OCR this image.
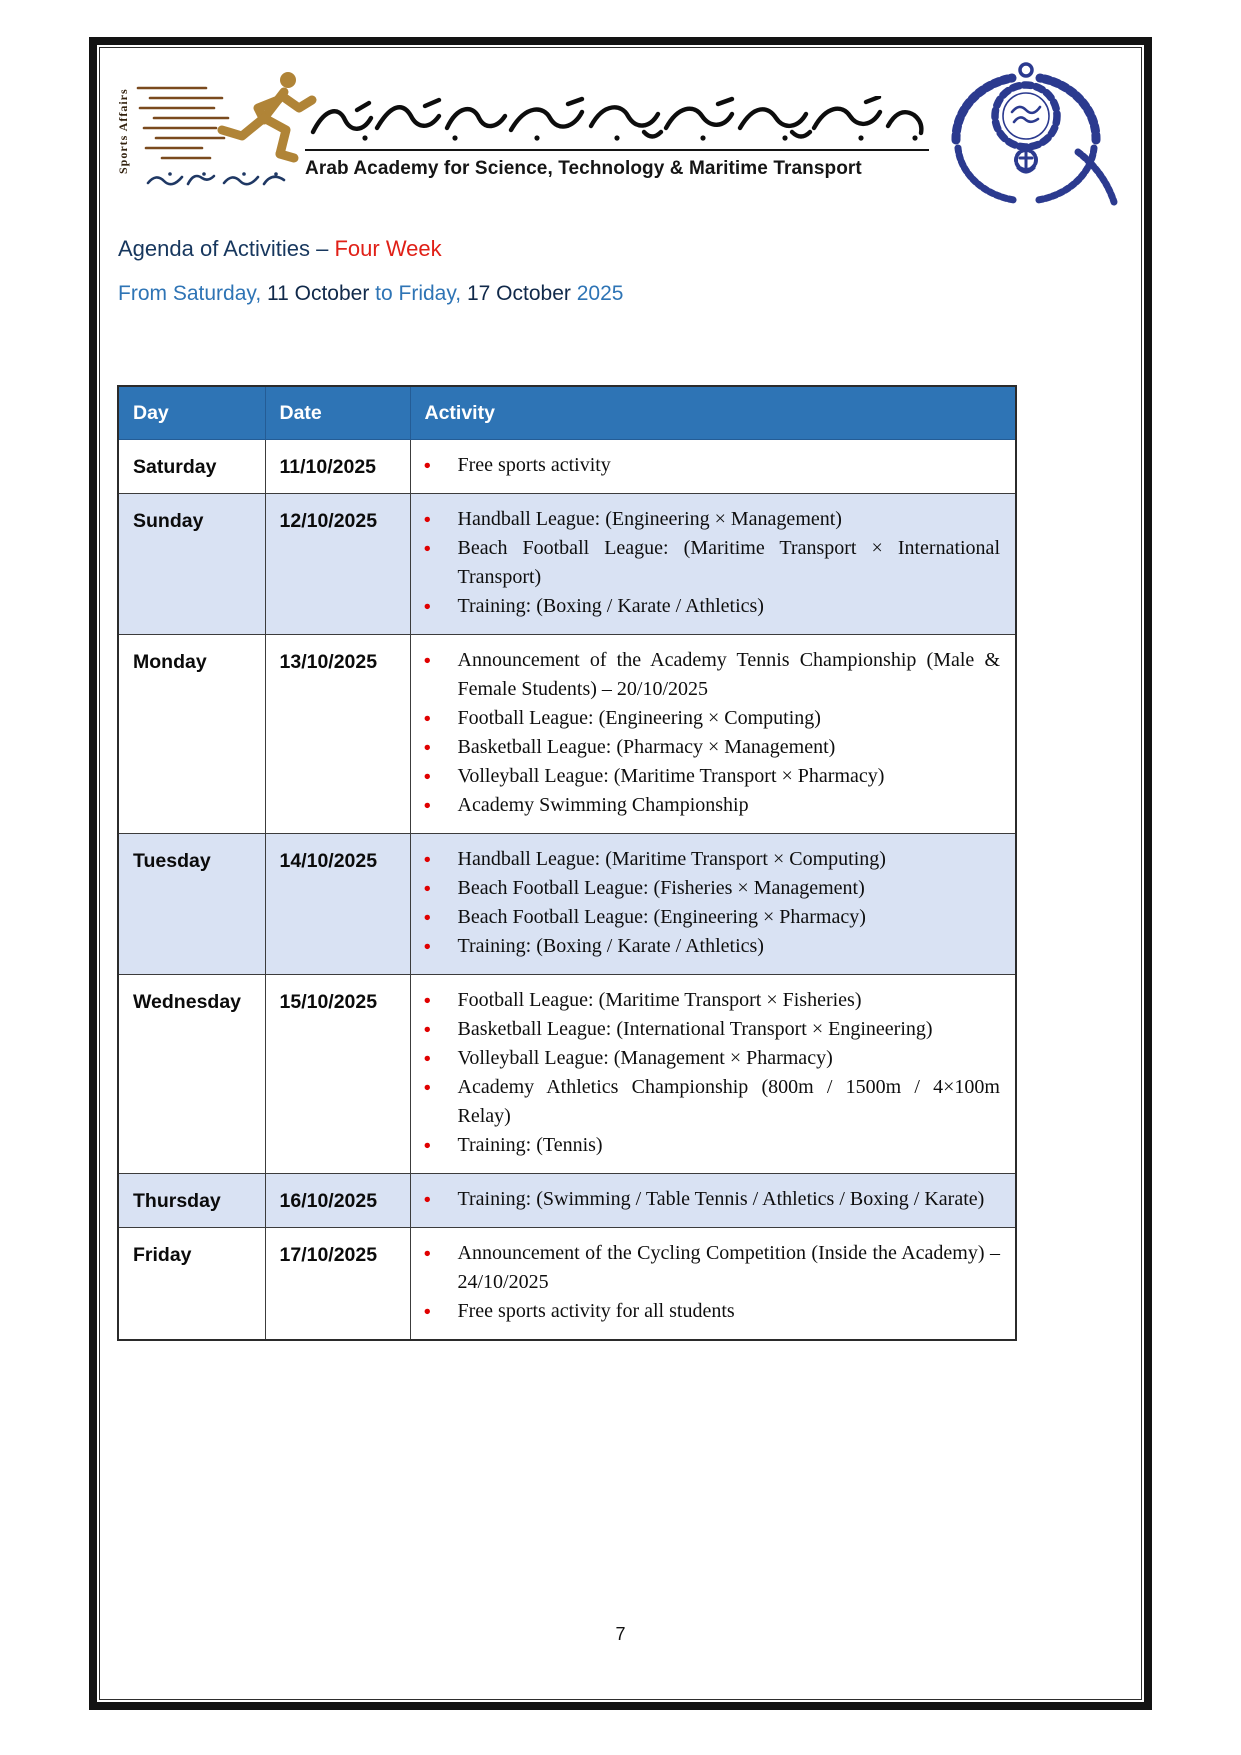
Sports Affairs	Arab Academy for Science, Technology & Maritime Transport
Agenda of Activities – Four Week
From Saturday, 11 October to Friday, 17 October 2025
Day	Date	Activity
Saturday	11/10/2025	● Free sports activity

Sunday	12/10/2025	● Handball League: (Engineering × Management)
● Beach Football League: (Maritime Transport × International Transport)
● Training: (Boxing / Karate / Athletics)

Monday	13/10/2025	● Announcement of the Academy Tennis Championship (Male & Female Students) – 20/10/2025
● Football League: (Engineering × Computing)
● Basketball League: (Pharmacy × Management)
● Volleyball League: (Maritime Transport × Pharmacy)
● Academy Swimming Championship

Tuesday	14/10/2025	● Handball League: (Maritime Transport × Computing)
● Beach Football League: (Fisheries × Management)
● Beach Football League: (Engineering × Pharmacy)
● Training: (Boxing / Karate / Athletics)

Wednesday	15/10/2025	● Football League: (Maritime Transport × Fisheries)
● Basketball League: (International Transport × Engineering)
● Volleyball League: (Management × Pharmacy)
● Academy Athletics Championship (800m / 1500m / 4×100m Relay)
● Training: (Tennis)

Thursday	16/10/2025	● Training: (Swimming / Table Tennis / Athletics / Boxing / Karate)

Friday	17/10/2025	● Announcement of the Cycling Competition (Inside the Academy) – 24/10/2025
● Free sports activity for all students
7
